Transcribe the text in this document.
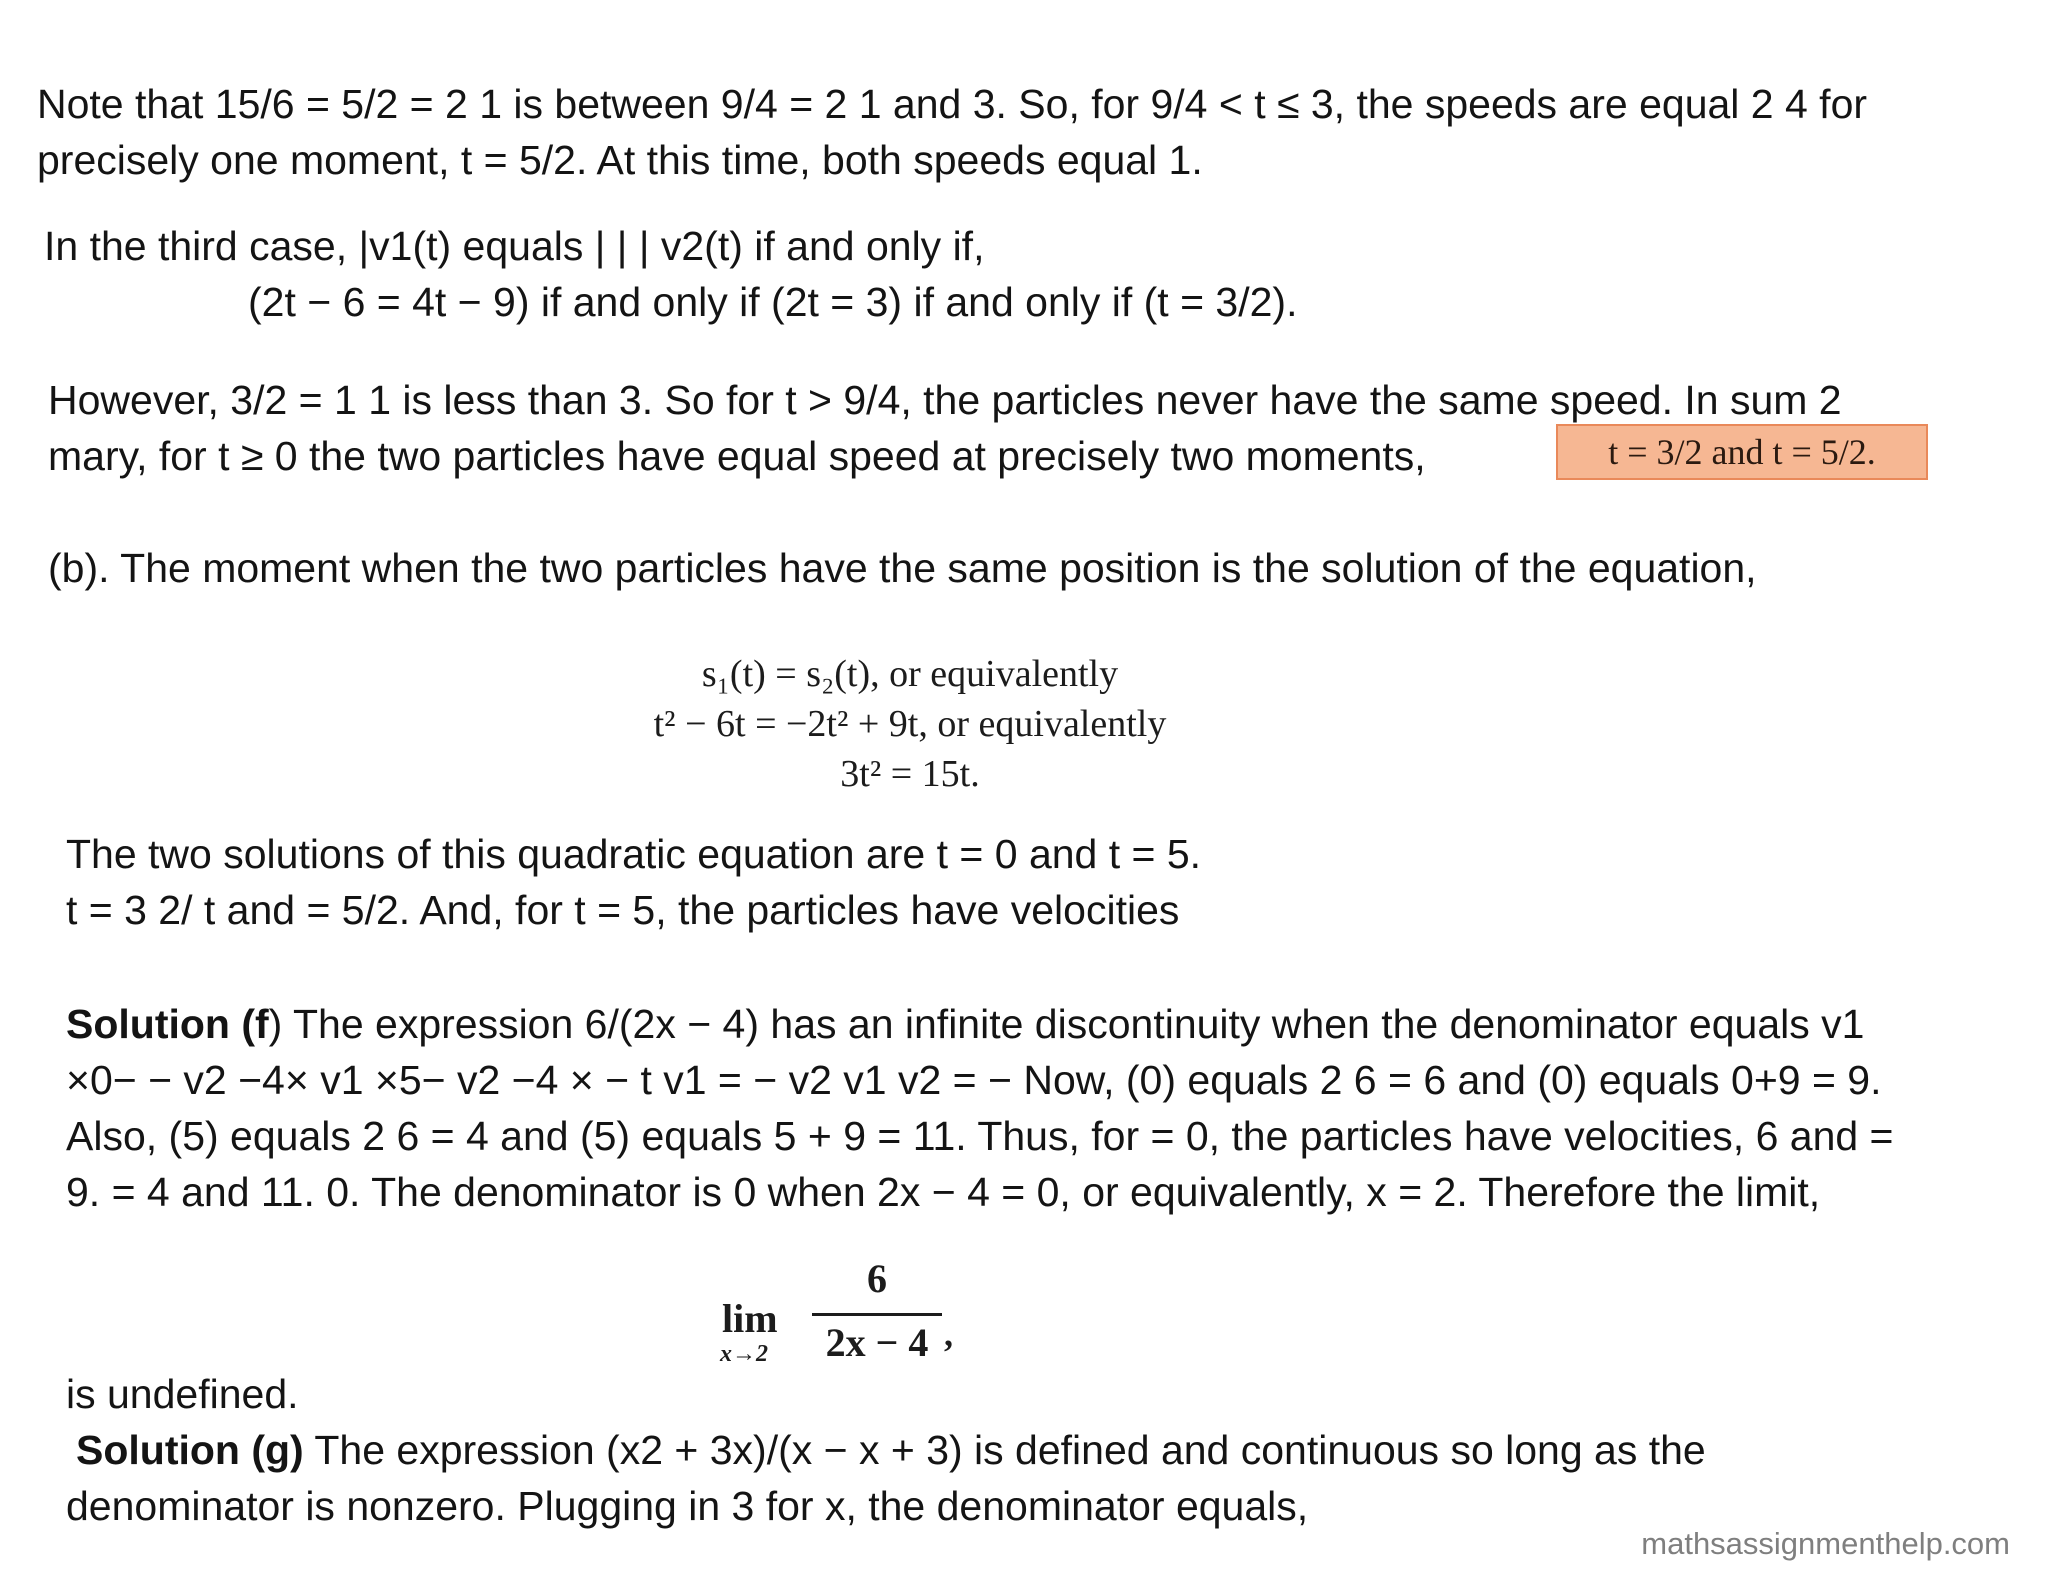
Note that 15/6 = 5/2 = 2 1 is between 9/4 = 2 1 and 3. So, for 9/4 < t ≤ 3, the speeds are equal 2 4 for
precisely one moment, t = 5/2. At this time, both speeds equal 1.
In the third case, |v1(t) equals | | | v2(t) if and only if,
(2t − 6 = 4t − 9) if and only if (2t = 3) if and only if (t = 3/2).
However, 3/2 = 1 1 is less than 3. So for t > 9/4, the particles never have the same speed. In sum 2
mary, for t ≥ 0 the two particles have equal speed at precisely two moments,	t = 3/2 and t = 5/2.
(b). The moment when the two particles have the same position is the solution of the equation,
s₁(t) = s₂(t), or equivalently
t² − 6t = −2t² + 9t, or equivalently
3t² = 15t.
The two solutions of this quadratic equation are t = 0 and t = 5.
t = 3 2/ t and = 5/2. And, for t = 5, the particles have velocities
Solution (f) The expression 6/(2x − 4) has an infinite discontinuity when the denominator equals v1
×0− − v2 −4× v1 ×5− v2 −4 × − t v1 = − v2 v1 v2 = − Now, (0) equals 2 6 = 6 and (0) equals 0+9 = 9.
Also, (5) equals 2 6 = 4 and (5) equals 5 + 9 = 11. Thus, for = 0, the particles have velocities, 6 and =
9. = 4 and 11. 0. The denominator is 0 when 2x − 4 = 0, or equivalently, x = 2. Therefore the limit,
lim
x→2
6
2x − 4 ,
is undefined.
Solution (g) The expression (x2 + 3x)/(x − x + 3) is defined and continuous so long as the
denominator is nonzero. Plugging in 3 for x, the denominator equals,
mathsassignmenthelp.com
